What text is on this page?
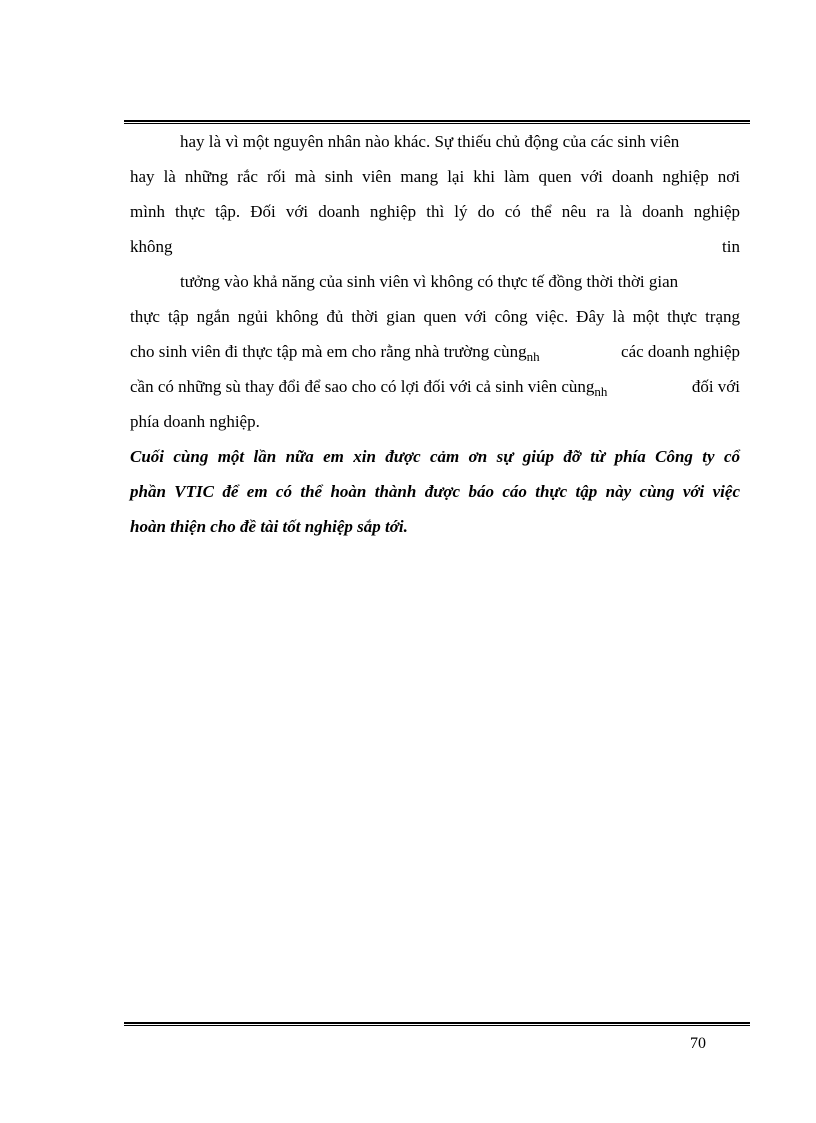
hay là vì một nguyên nhân nào khác. Sự thiếu chủ động của các sinh viên
hay là những rắc rối mà sinh viên mang lại khi làm quen với doanh nghiệp nơi
mình thực tập. Đối với doanh nghiệp thì lý do có thể nêu ra là doanh nghiệp
không	tin
tưởng vào khả năng của sinh viên vì không có thực tế đồng thời thời gian
thực tập ngắn ngủi không đủ thời gian quen với công việc. Đây là một thực trạng
cho sinh viên đi thực tập mà em cho rằng nhà trường cùng$_{nh}$	các doanh nghiệp
cần có những sù thay đổi để sao cho có lợi đối với cả sinh viên cùng$_{nh}$	đối với
phía doanh nghiệp.
Cuối cùng một lần nữa em xin được cảm ơn sự giúp đỡ từ phía Công ty cổ
phần VTIC để em có thể hoàn thành được báo cáo thực tập này cùng với việc
hoàn thiện cho đề tài tốt nghiệp sắp tới.
70
